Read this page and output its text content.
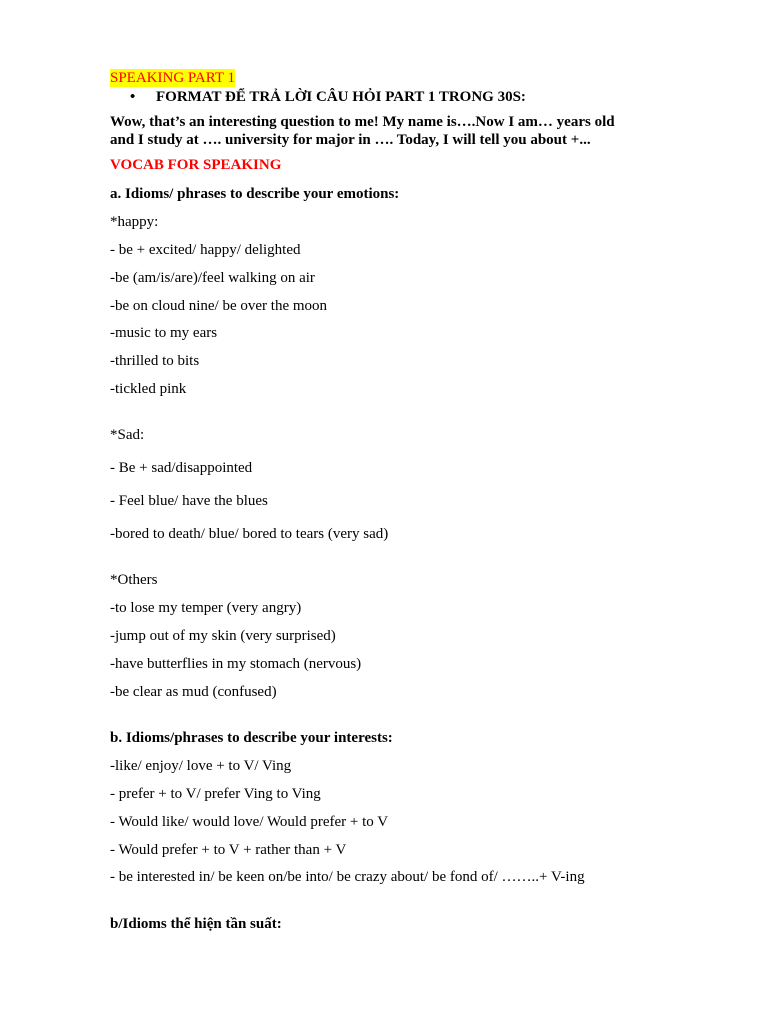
SPEAKING PART 1
• FORMAT ĐỂ TRẢ LỜI CÂU HỎI PART 1 TRONG 30S:
Wow, that’s an interesting question to me! My name is….Now I am… years old
and I study at …. university for major in …. Today, I will tell you about +...
VOCAB FOR SPEAKING
a. Idioms/ phrases to describe your emotions:
*happy:
- be + excited/ happy/ delighted
-be (am/is/are)/feel walking on air
-be on cloud nine/ be over the moon
-music to my ears
-thrilled to bits
-tickled pink
*Sad:
- Be + sad/disappointed
- Feel blue/ have the blues
-bored to death/ blue/ bored to tears (very sad)
*Others
-to lose my temper (very angry)
-jump out of my skin (very surprised)
-have butterflies in my stomach (nervous)
-be clear as mud (confused)
b. Idioms/phrases to describe your interests:
-like/ enjoy/ love + to V/ Ving
- prefer + to V/ prefer Ving to Ving
- Would like/ would love/ Would prefer + to V
- Would prefer + to V + rather than + V
- be interested in/ be keen on/be into/ be crazy about/ be fond of/ ……..+ V-ing
b/Idioms thể hiện tần suất:
